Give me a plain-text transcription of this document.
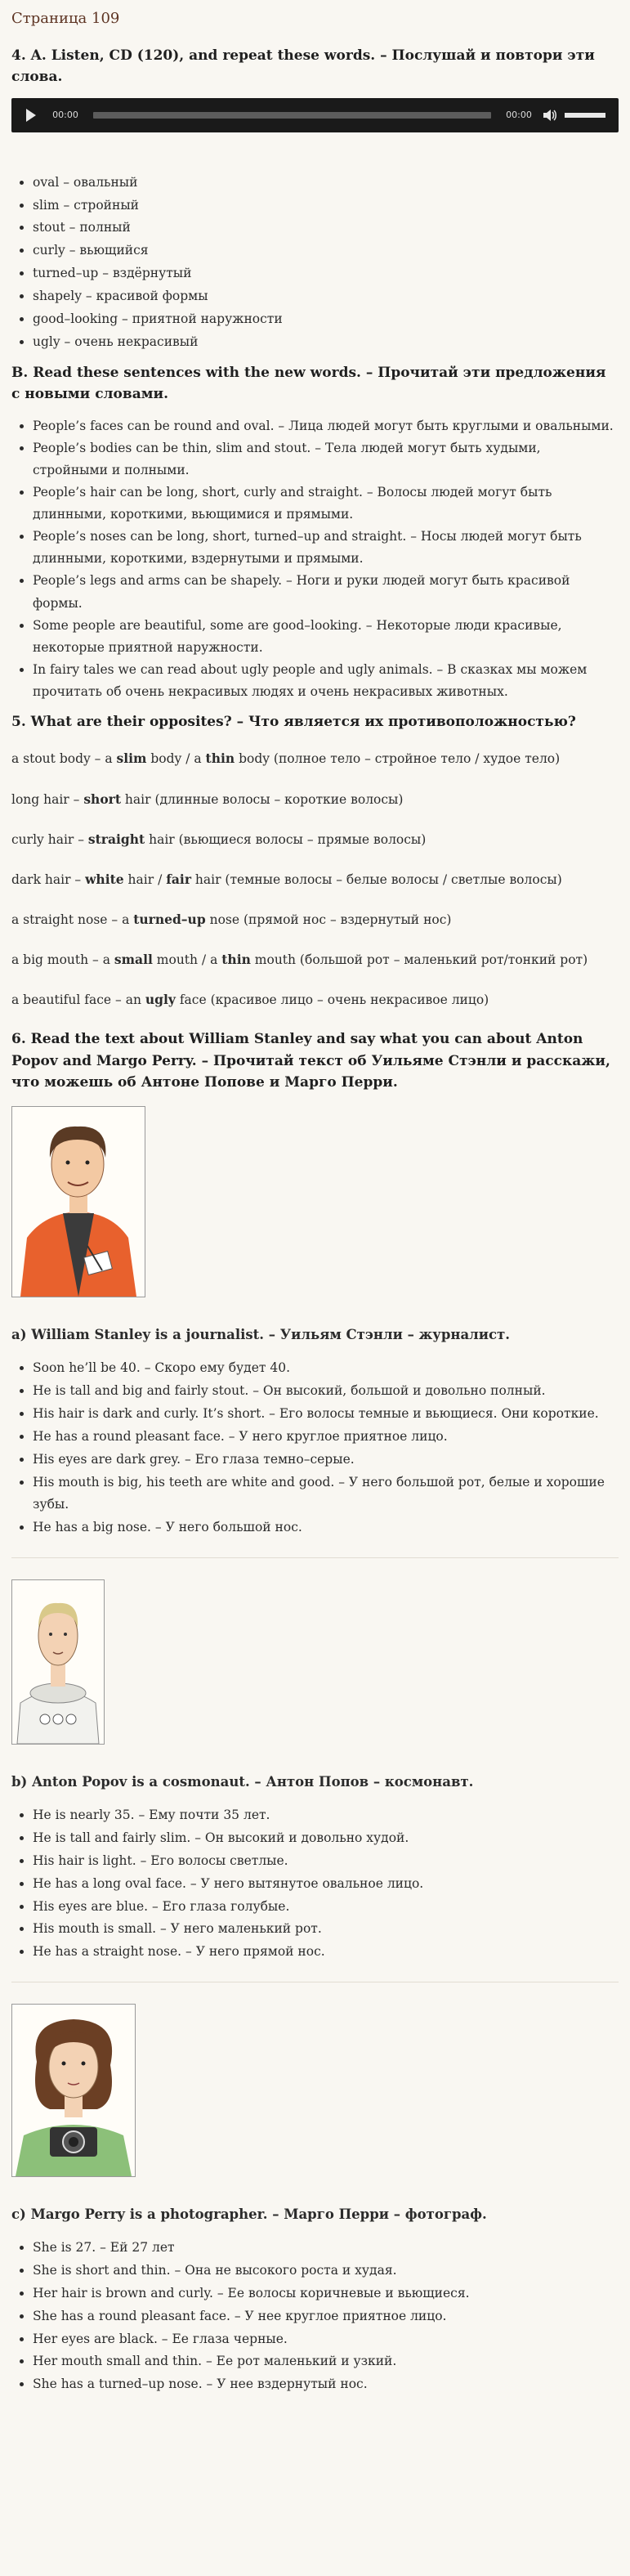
Страница 109
4. A. Listen, CD (120), and repeat these words. – Послушай и повтори эти слова.
00:00	00:00
• oval – овальный
• slim – стройный
• stout – полный
• curly – вьющийся
• turned–up – вздёрнутый
• shapely – красивой формы
• good–looking – приятной наружности
• ugly – очень некрасивый
B. Read these sentences with the new words. – Прочитай эти предложения с новыми словами.
• People’s faces can be round and oval. – Лица людей могут быть круглыми и овальными.
• People’s bodies can be thin, slim and stout. – Тела людей могут быть худыми, стройными и полными.
• People’s hair can be long, short, curly and straight. – Волосы людей могут быть длинными, короткими, вьющимися и прямыми.
• People’s noses can be long, short, turned–up and straight. – Носы людей могут быть длинными, короткими, вздернутыми и прямыми.
• People’s legs and arms can be shapely. – Ноги и руки людей могут быть красивой формы.
• Some people are beautiful, some are good–looking. – Некоторые люди красивые, некоторые приятной наружности.
• In fairy tales we can read about ugly people and ugly animals. – В сказках мы можем прочитать об очень некрасивых людях и очень некрасивых животных.
5. What are their opposites? – Что является их противоположностью?

a stout body – a slim body / a thin body (полное тело – стройное тело / худое тело)

long hair – short hair (длинные волосы – короткие волосы)

curly hair – straight hair (вьющиеся волосы – прямые волосы)

dark hair – white hair / fair hair (темные волосы – белые волосы / светлые волосы)

a straight nose – a turned–up nose (прямой нос – вздернутый нос)

a big mouth – a small mouth / a thin mouth (большой рот – маленький рот/тонкий рот)

a beautiful face – an ugly face (красивое лицо – очень некрасивое лицо)

6. Read the text about William Stanley and say what you can about Anton Popov and Margo Perry. – Прочитай текст об Уильяме Стэнли и расскажи, что можешь об Антоне Попове и Марго Перри.
a) William Stanley is a journalist. – Уильям Стэнли – журналист.
• Soon he’ll be 40. – Скоро ему будет 40.
• He is tall and big and fairly stout. – Он высокий, большой и довольно полный.
• His hair is dark and curly. It’s short. – Его волосы темные и вьющиеся. Они короткие.
• He has a round pleasant face. – У него круглое приятное лицо.
• His eyes are dark grey. – Его глаза темно–серые.
• His mouth is big, his teeth are white and good. – У него большой рот, белые и хорошие зубы.
• He has a big nose. – У него большой нос.
b) Anton Popov is a cosmonaut. – Антон Попов – космонавт.
• He is nearly 35. – Ему почти 35 лет.
• He is tall and fairly slim. – Он высокий и довольно худой.
• His hair is light. – Его волосы светлые.
• He has a long oval face. – У него вытянутое овальное лицо.
• His eyes are blue. – Его глаза голубые.
• His mouth is small. – У него маленький рот.
• He has a straight nose. – У него прямой нос.
c) Margo Perry is a photographer. – Марго Перри – фотограф.
• She is 27. – Ей 27 лет
• She is short and thin. – Она не высокого роста и худая.
• Her hair is brown and curly. – Ее волосы коричневые и вьющиеся.
• She has a round pleasant face. – У нее круглое приятное лицо.
• Her eyes are black. – Ее глаза черные.
• Her mouth small and thin. – Ее рот маленький и узкий.
• She has a turned–up nose. – У нее вздернутый нос.
